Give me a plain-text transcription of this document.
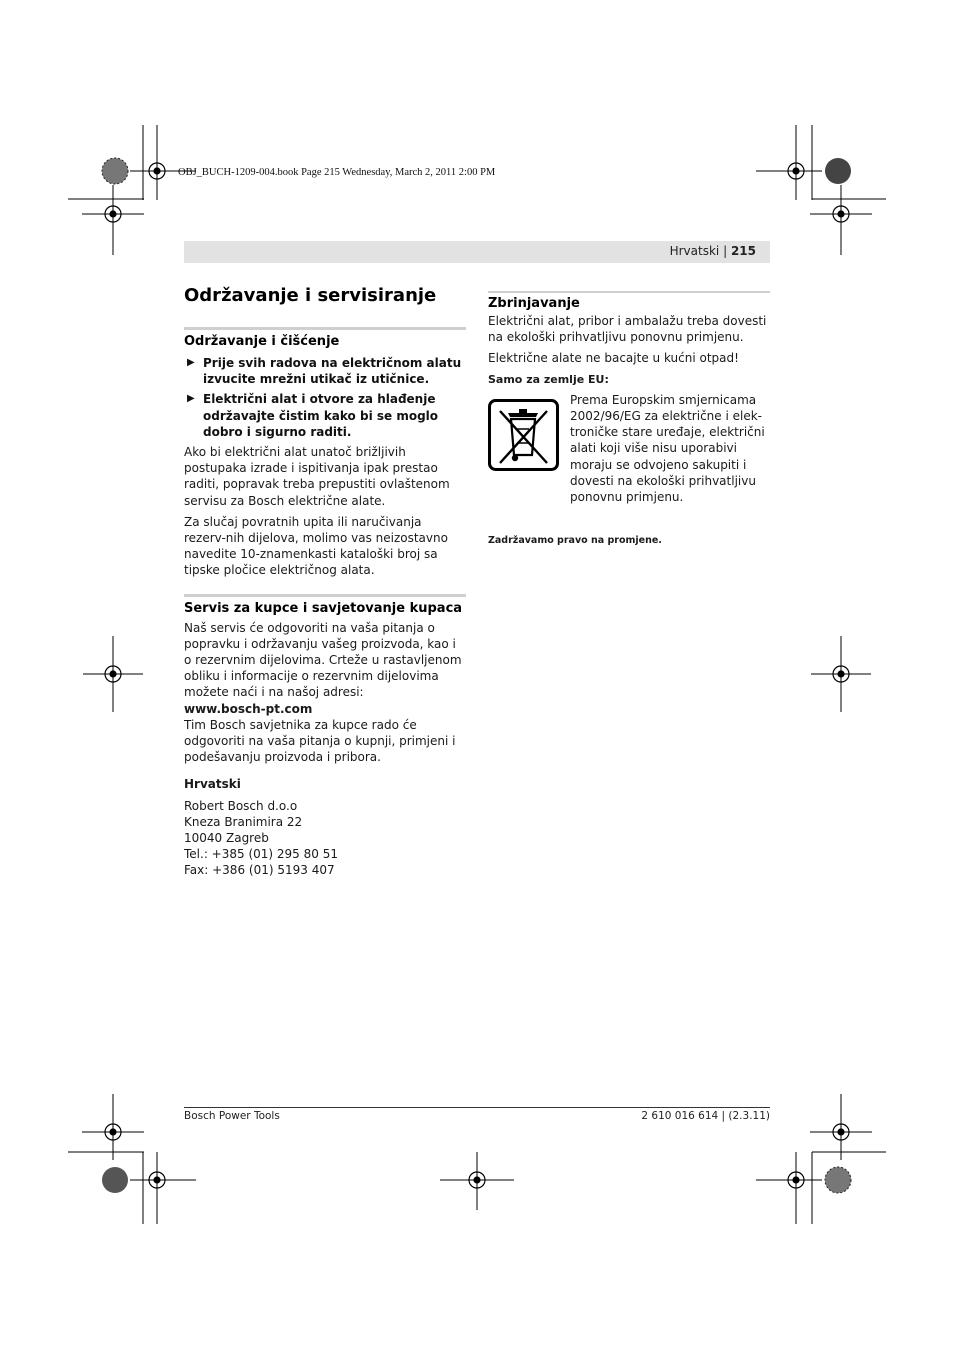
OBJ_BUCH-1209-004.book Page 215 Wednesday, March 2, 2011 2:00 PM
Hrvatski | 215
Održavanje i servisiranje
Održavanje i čišćenje
▶ Prije svih radova na električnom alatu izvucite mrežni utikač iz utičnice.
▶ Električni alat i otvore za hlađenje održavajte čistim kako bi se moglo dobro i sigurno raditi.

Ako bi električni alat unatoč brižljivih postupaka izrade i ispitivanja ipak prestao raditi, popravak treba prepustiti ovlaštenom servisu za Bosch električne alate.

Za slučaj povratnih upita ili naručivanja rezerv-nih dijelova, molimo vas neizostavno navedite 10-znamenkasti kataloški broj sa tipske pločice električnog alata.

Servis za kupce i savjetovanje kupaca

Naš servis će odgovoriti na vaša pitanja o popravku i održavanju vašeg proizvoda, kao i o rezervnim dijelovima. Crteže u rastavljenom obliku i informacije o rezervnim dijelovima možete naći i na našoj adresi:

www.bosch-pt.com

Tim Bosch savjetnika za kupce rado će odgovoriti na vaša pitanja o kupnji, primjeni i podešavanju proizvoda i pribora.

Hrvatski

Robert Bosch d.o.o
Kneza Branimira 22
10040 Zagreb
Tel.: +385 (01) 295 80 51
Fax: +386 (01) 5193 407
Zbrinjavanje

Električni alat, pribor i ambalažu treba dovesti na ekološki prihvatljivu ponovnu primjenu.

Električne alate ne bacajte u kućni otpad!

Samo za zemlje EU:

Prema Europskim smjernicama 2002/96/EG za električne i elek-troničke stare uređaje, električni alati koji više nisu uporabivi moraju se odvojeno sakupiti i dovesti na ekološki prihvatljivu ponovnu primjenu.

Zadržavamo pravo na promjene.

Bosch Power Tools	2 610 016 614 | (2.3.11)
